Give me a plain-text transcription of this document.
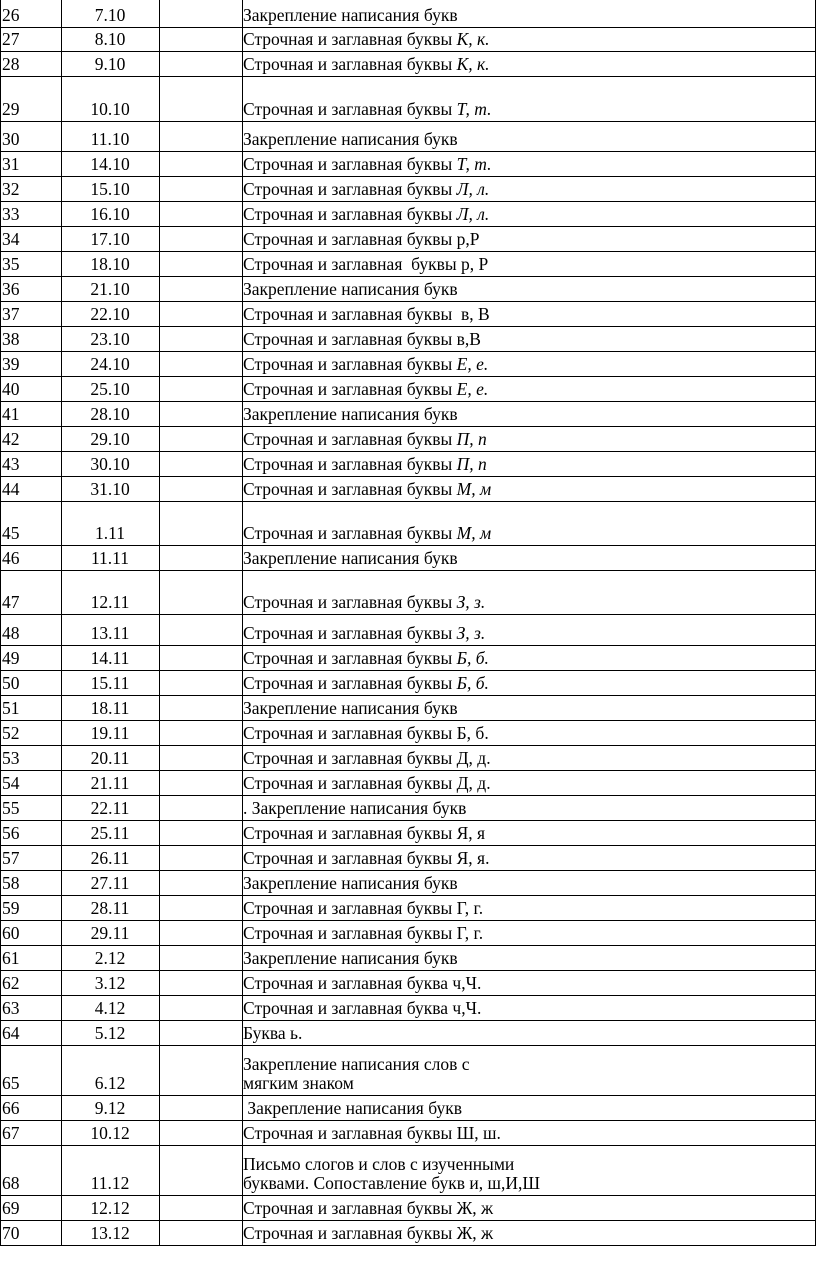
26	7.10	Закрепление написания букв
27	8.10	Строчная и заглавная буквы К, к.
28	9.10	Строчная и заглавная буквы К, к.
29	10.10	Строчная и заглавная буквы Т, т.
30	11.10	Закрепление написания букв
31	14.10	Строчная и заглавная буквы Т, т.
32	15.10	Строчная и заглавная буквы Л, л.
33	16.10	Строчная и заглавная буквы Л, л.
34	17.10	Строчная и заглавная буквы р,Р
35	18.10	Строчная и заглавная  буквы р, Р
36	21.10	Закрепление написания букв
37	22.10	Строчная и заглавная буквы  в, В
38	23.10	Строчная и заглавная буквы в,В
39	24.10	Строчная и заглавная буквы Е, е.
40	25.10	Строчная и заглавная буквы Е, е.
41	28.10	Закрепление написания букв
42	29.10	Строчная и заглавная буквы П, п
43	30.10	Строчная и заглавная буквы П, п
44	31.10	Строчная и заглавная буквы М, м
45	1.11	Строчная и заглавная буквы М, м
46	11.11	Закрепление написания букв
47	12.11	Строчная и заглавная буквы З, з.
48	13.11	Строчная и заглавная буквы З, з.
49	14.11	Строчная и заглавная буквы Б, б.
50	15.11	Строчная и заглавная буквы Б, б.
51	18.11	Закрепление написания букв
52	19.11	Строчная и заглавная буквы Б, б.
53	20.11	Строчная и заглавная буквы Д, д.
54	21.11	Строчная и заглавная буквы Д, д.
55	22.11	. Закрепление написания букв
56	25.11	Строчная и заглавная буквы Я, я
57	26.11	Строчная и заглавная буквы Я, я.
58	27.11	Закрепление написания букв
59	28.11	Строчная и заглавная буквы Г, г.
60	29.11	Строчная и заглавная буквы Г, г.
61	2.12	Закрепление написания букв
62	3.12	Строчная и заглавная буква ч,Ч.
63	4.12	Строчная и заглавная буква ч,Ч.
64	5.12	Буква ь.
65	6.12
Закрепление написания слов с
мягким знаком
66	9.12	Закрепление написания букв
67	10.12	Строчная и заглавная буквы Ш, ш.
68	11.12
Письмо слогов и слов с изученными
буквами. Сопоставление букв и, ш,И,Ш
69	12.12	Строчная и заглавная буквы Ж, ж
70	13.12	Строчная и заглавная буквы Ж, ж
